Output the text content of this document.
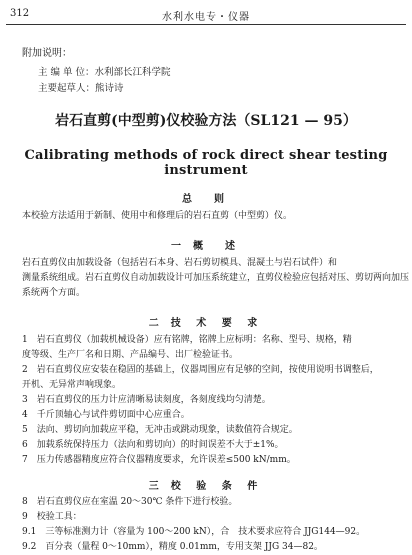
312	水利水电专・仪器
附加说明：
主 编 单 位：水利部长江科学院
主要起草人：熊诗诗
岩石直剪(中型剪)仪校验方法（SL121 — 95）
Calibrating methods of rock direct shear testing instrument
总　则
本校验方法适用于新制、使用中和修理后的岩石直剪（中型剪）仪。
一 概　述
岩石直剪仪由加载设备（包括岩石本身、岩石剪切模具、混凝土与岩石试件）和
测量系统组成。岩石直剪仪自动加载设计可加压系统建立，直剪仪检验应包括对压、剪切两向加压
系统两个方面。
二 技 术 要 求
1　岩石直剪仪（加载机械设备）应有铭牌，铭牌上应标明：名称、型号、规格，精
度等级、生产厂名和日期、产品编号、出厂检验证书。
2　岩石直剪仪应安装在稳固的基础上，仪器周围应有足够的空间，按使用说明书调整后，
开机、无异常声响现象。
3　岩石直剪仪的压力计应清晰易读刻度，各刻度线均匀清楚。
4　千斤顶轴心与试件剪切面中心应重合。
5　法向、剪切向加载应平稳，无冲击或跳动现象，读数值符合规定。
6　加载系统保持压力（法向和剪切向）的时间误差不大于±1%。
7　压力传感器精度应符合仪器精度要求，允许误差≤500 kN/mm。
三 校 验 条 件
8　岩石直剪仪应在室温 20～30℃ 条件下进行校验。
9　校验工具：
9.1　三等标准测力计（容量为 100～200 kN），合　技术要求应符合 JJG144—92。
9.2　百分表（量程 0～10mm），精度 0.01mm，专用支架 JJG 34—82。
